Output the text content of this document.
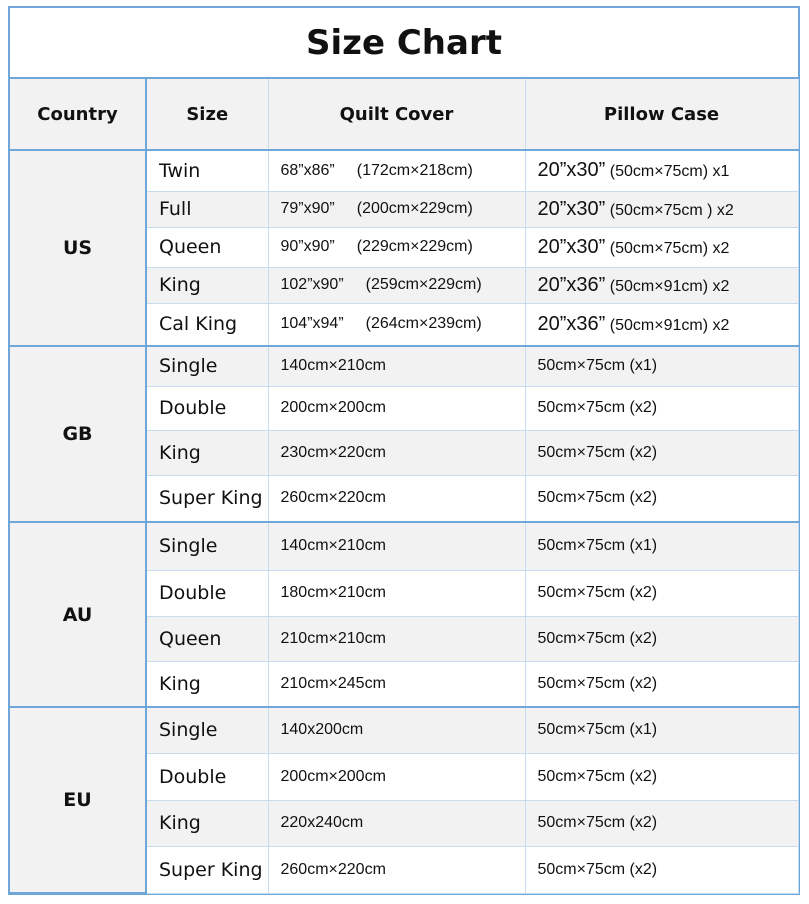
Size Chart
Country	Size	Quilt Cover	Pillow Case
US	Twin	68”x86” (172cm×218cm)	20”x30” (50cm×75cm) x1
	Full	79”x90” (200cm×229cm)	20”x30” (50cm×75cm ) x2
	Queen	90”x90” (229cm×229cm)	20”x30” (50cm×75cm) x2
	King	102”x90” (259cm×229cm)	20”x36” (50cm×91cm) x2
	Cal King	104”x94” (264cm×239cm)	20”x36” (50cm×91cm) x2
GB	Single	140cm×210cm	50cm×75cm (x1)
	Double	200cm×200cm	50cm×75cm (x2)
	King	230cm×220cm	50cm×75cm (x2)
	Super King	260cm×220cm	50cm×75cm (x2)
AU	Single	140cm×210cm	50cm×75cm (x1)
	Double	180cm×210cm	50cm×75cm (x2)
	Queen	210cm×210cm	50cm×75cm (x2)
	King	210cm×245cm	50cm×75cm (x2)
EU	Single	140x200cm	50cm×75cm (x1)
	Double	200cm×200cm	50cm×75cm (x2)
	King	220x240cm	50cm×75cm (x2)
	Super King	260cm×220cm	50cm×75cm (x2)
